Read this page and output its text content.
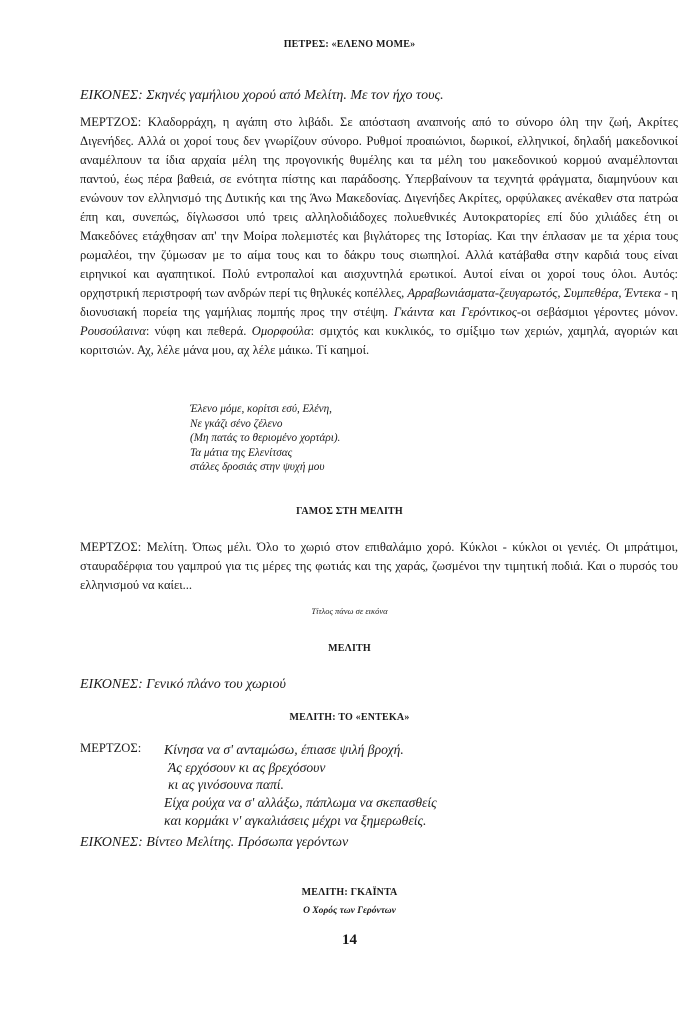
ΠΕΤΡΕΣ: «ΕΛΕΝΟ ΜΟΜΕ»
ΕΙΚΟΝΕΣ: Σκηνές γαμήλιου χορού από Μελίτη. Με τον ήχο τους.
ΜΕΡΤΖΟΣ: Κλαδορράχη, η αγάπη στο λιβάδι. Σε απόσταση αναπνοής από το σύνορο όλη την ζωή, Ακρίτες Διγενήδες. Αλλά οι χοροί τους δεν γνωρίζουν σύνορο. Ρυθμοί προαιώνιοι, δωρικοί, ελληνικοί, δηλαδή μακεδονικοί αναμέλπουν τα ίδια αρχαία μέλη της προγονικής θυμέλης και τα μέλη του μακεδονικού κορμού αναμέλπονται παντού, έως πέρα βαθειά, σε ενότητα πίστης και παράδοσης. Υπερβαίνουν τα τεχνητά φράγματα, διαμηνύουν και ενώνουν τον ελληνισμό της Δυτικής και της Άνω Μακεδονίας. Διγενήδες Ακρίτες, ορφύλακες ανέκαθεν στα πατρώα έπη και, συνεπώς, δίγλωσσοι υπό τρεις αλληλοδιάδοχες πολυεθνικές Αυτοκρατορίες επί δύο χιλιάδες έτη οι Μακεδόνες ετάχθησαν απ' την Μοίρα πολεμιστές και βιγλάτορες της Ιστορίας. Και την έπλασαν με τα χέρια τους ρωμαλέοι, την ζύμωσαν με το αίμα τους και το δάκρυ τους σιωπηλοί. Αλλά κατάβαθα στην καρδιά τους είναι ειρηνικοί και αγαπητικοί. Πολύ εντροπαλοί και αισχυντηλά ερωτικοί. Αυτοί είναι οι χοροί τους όλοι. Αυτός: ορχηστρική περιστροφή των ανδρών περί τις θηλυκές κοπέλλες, Αρραβωνιάσματα-ζευγαρωτός, Συμπεθέρα, Έντεκα - η διονυσιακή πορεία της γαμήλιας πομπής προς την στέψη. Γκάιντα και Γερόντικος-οι σεβάσμιοι γέροντες μόνον. Ρουσούλαινα: νύφη και πεθερά. Ομορφούλα: σμιχτός και κυκλικός, το σμίξιμο των χεριών, χαμηλά, αγοριών και κοριτσιών. Αχ, λέλε μάνα μου, αχ λέλε μάικω. Τί καημοί.
Έλενο μόμε, κορίτσι εσύ, Ελένη,
Νε γκάζι σένο ζέλενο
(Μη πατάς το θεριομένο χορτάρι).
Τα μάτια της Ελενίτσας
στάλες δροσιάς στην ψυχή μου
ΓΑΜΟΣ ΣΤΗ ΜΕΛΙΤΗ
ΜΕΡΤΖΟΣ: Μελίτη. Όπως μέλι. Όλο το χωριό στον επιθαλάμιο χορό. Κύκλοι - κύκλοι οι γενιές. Οι μπράτιμοι, σταυραδέρφια του γαμπρού για τις μέρες της φωτιάς και της χαράς, ζωσμένοι την τιμητική ποδιά. Και ο πυρσός του ελληνισμού να καίει...
Τίτλος πάνω σε εικόνα
ΜΕΛΙΤΗ
ΕΙΚΟΝΕΣ: Γενικό πλάνο του χωριού
ΜΕΛΙΤΗ: ΤΟ «ΕΝΤΕΚΑ»
ΜΕΡΤΖΟΣ: Κίνησα να σ' ανταμώσω, έπιασε ψιλή βροχή.
Άς ερχόσουν κι ας βρεχόσουν
κι ας γινόσουνα παπί.
Είχα ρούχα να σ' αλλάξω, πάπλωμα να σκεπασθείς
και κορμάκι ν' αγκαλιάσεις μέχρι να ξημερωθείς.
ΕΙΚΟΝΕΣ: Βίντεο Μελίτης. Πρόσωπα γερόντων
ΜΕΛΙΤΗ: ΓΚΑΪΝΤΑ
Ο Χορός των Γερόντων
14
